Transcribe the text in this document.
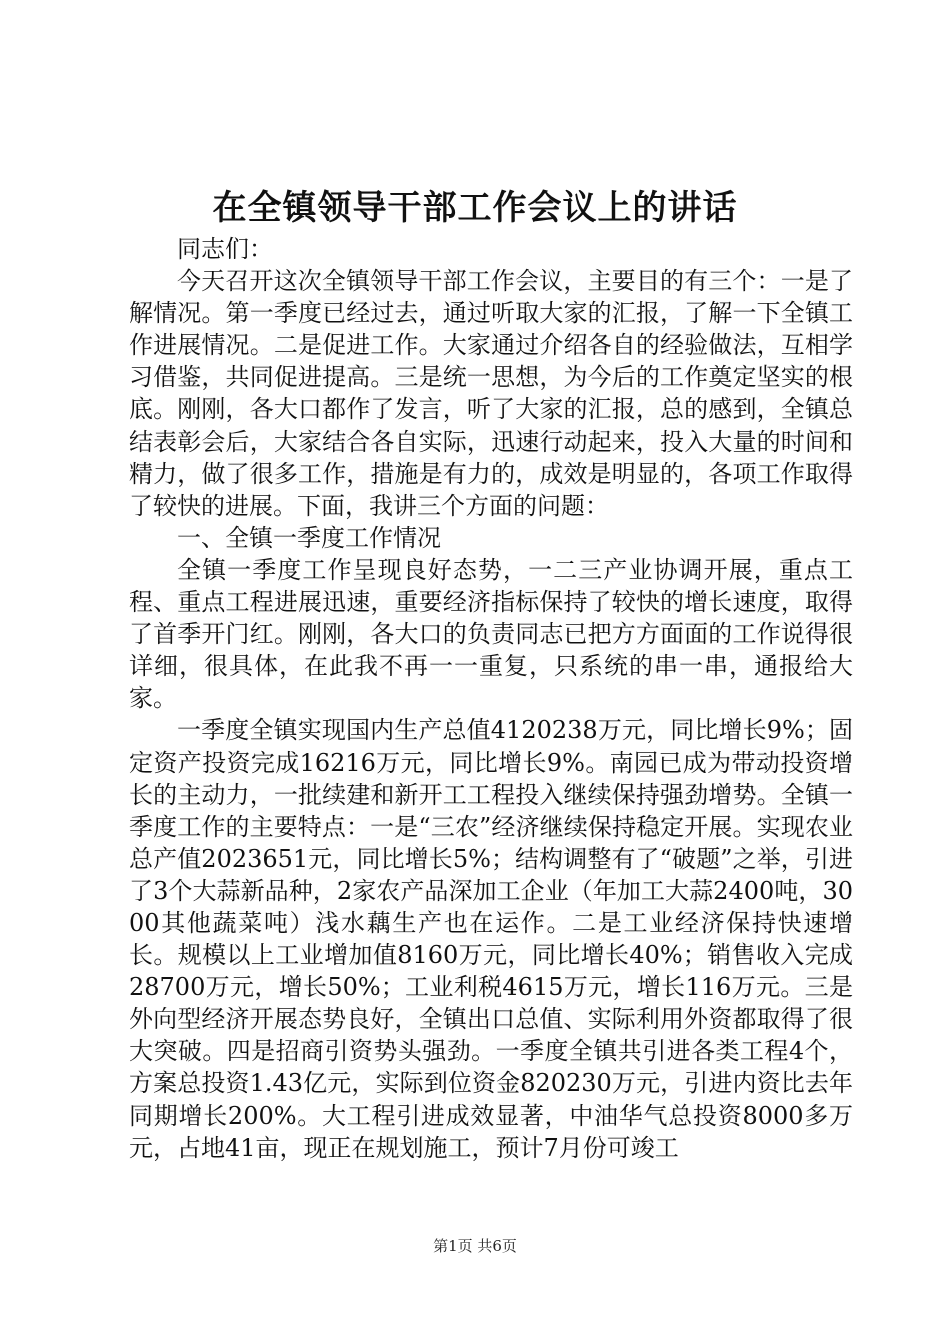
在全镇领导干部工作会议上的讲话

同志们：

今天召开这次全镇领导干部工作会议，主要目的有三个：一是了解情况。第一季度已经过去，通过听取大家的汇报，了解一下全镇工作进展情况。二是促进工作。大家通过介绍各自的经验做法，互相学习借鉴，共同促进提高。三是统一思想，为今后的工作奠定坚实的根底。刚刚，各大口都作了发言，听了大家的汇报，总的感到，全镇总结表彰会后，大家结合各自实际，迅速行动起来，投入大量的时间和精力，做了很多工作，措施是有力的，成效是明显的，各项工作取得了较快的进展。下面，我讲三个方面的问题：

一、全镇一季度工作情况

全镇一季度工作呈现良好态势，一二三产业协调开展，重点工程、重点工程进展迅速，重要经济指标保持了较快的增长速度，取得了首季开门红。刚刚，各大口的负责同志已把方方面面的工作说得很详细，很具体，在此我不再一一重复，只系统的串一串，通报给大家。

一季度全镇实现国内生产总值4120238万元，同比增长9%；固定资产投资完成16216万元，同比增长9%。南园已成为带动投资增长的主动力，一批续建和新开工工程投入继续保持强劲增势。全镇一季度工作的主要特点：一是“三农”经济继续保持稳定开展。实现农业总产值2023651元，同比增长5%；结构调整有了“破题”之举，引进了3个大蒜新品种，2家农产品深加工企业（年加工大蒜2400吨，3000其他蔬菜吨）浅水藕生产也在运作。二是工业经济保持快速增长。规模以上工业增加值8160万元，同比增长40%；销售收入完成28700万元，增长50%；工业利税4615万元，增长116万元。三是外向型经济开展态势良好，全镇出口总值、实际利用外资都取得了很大突破。四是招商引资势头强劲。一季度全镇共引进各类工程4个，方案总投资1.43亿元，实际到位资金820230万元，引进内资比去年同期增长200%。大工程引进成效显著，中油华气总投资8000多万元，占地41亩，现正在规划施工，预计7月份可竣工

第1页 共6页
